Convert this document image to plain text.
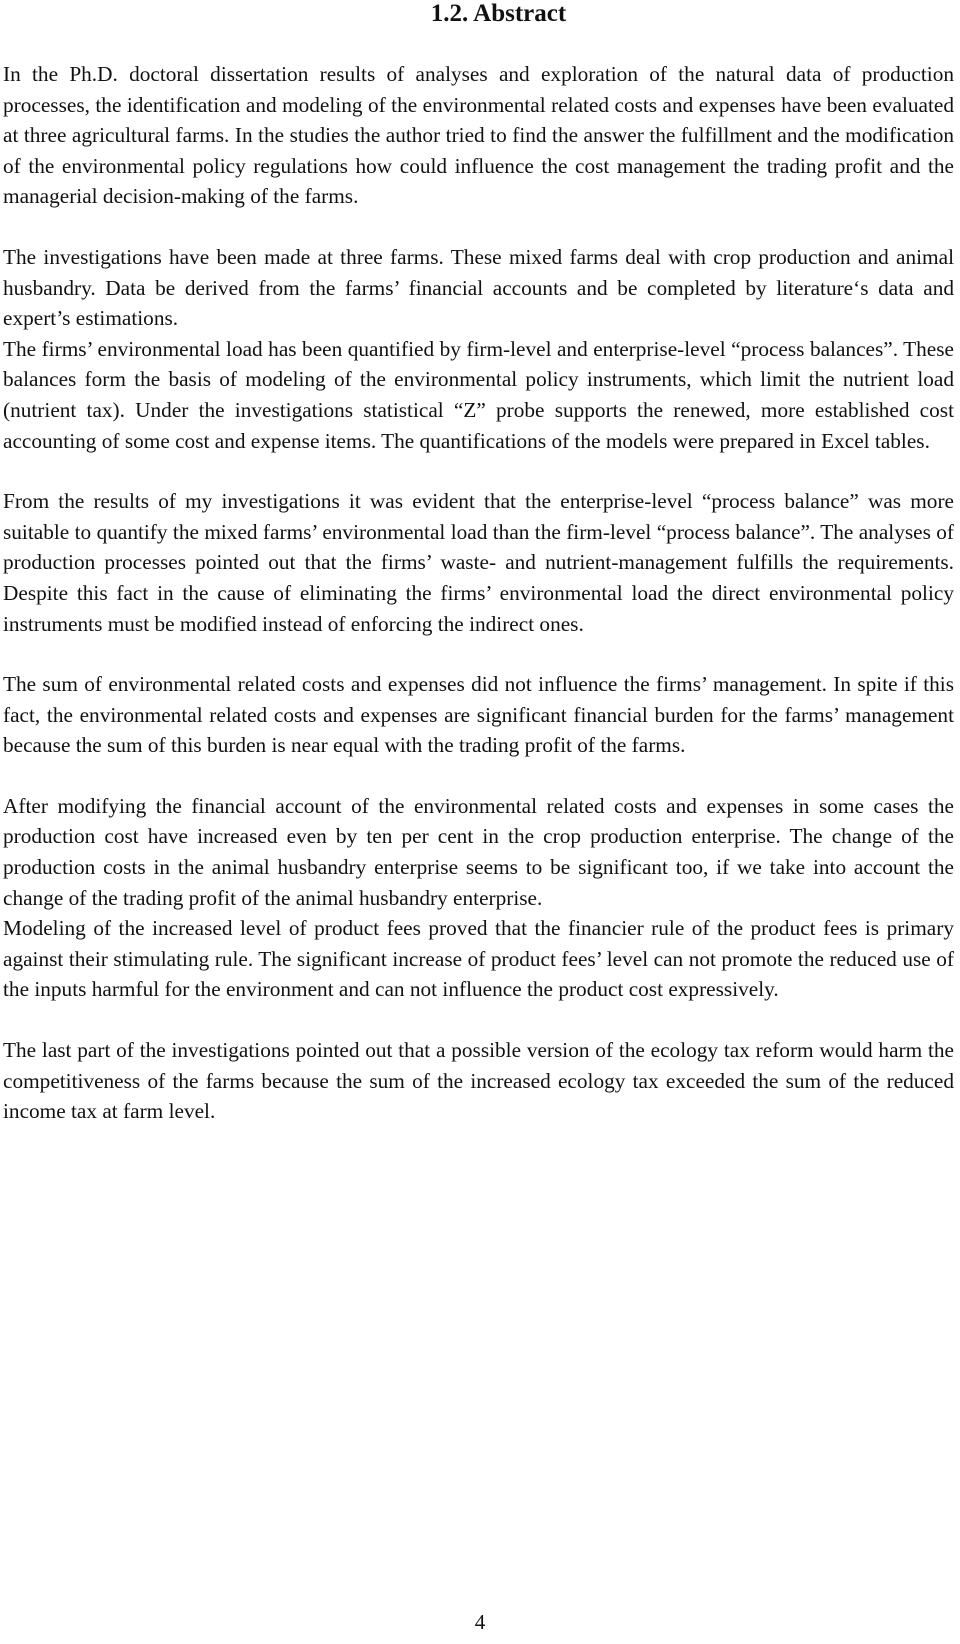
1.2. Abstract

In the Ph.D. doctoral dissertation results of analyses and exploration of the natural data of production processes, the identification and modeling of the environmental related costs and expenses have been evaluated at three agricultural farms. In the studies the author tried to find the answer the fulfillment and the modification of the environmental policy regulations how could influence the cost management the trading profit and the managerial decision-making of the farms.

The investigations have been made at three farms. These mixed farms deal with crop production and animal husbandry. Data be derived from the farms’ financial accounts and be completed by literature‘s data and expert’s estimations.

The firms’ environmental load has been quantified by firm-level and enterprise-level “process balances”. These balances form the basis of modeling of the environmental policy instruments, which limit the nutrient load (nutrient tax). Under the investigations statistical “Z” probe supports the renewed, more established cost accounting of some cost and expense items. The quantifications of the models were prepared in Excel tables.

From the results of my investigations it was evident that the enterprise-level “process balance” was more suitable to quantify the mixed farms’ environmental load than the firm-level “process balance”. The analyses of production processes pointed out that the firms’ waste- and nutrient-management fulfills the requirements. Despite this fact in the cause of eliminating the firms’ environmental load the direct environmental policy instruments must be modified instead of enforcing the indirect ones.

The sum of environmental related costs and expenses did not influence the firms’ management. In spite if this fact, the environmental related costs and expenses are significant financial burden for the farms’ management because the sum of this burden is near equal with the trading profit of the farms.

After modifying the financial account of the environmental related costs and expenses in some cases the production cost have increased even by ten per cent in the crop production enterprise. The change of the production costs in the animal husbandry enterprise seems to be significant too, if we take into account the change of the trading profit of the animal husbandry enterprise.

Modeling of the increased level of product fees proved that the financier rule of the product fees is primary against their stimulating rule. The significant increase of product fees’ level can not promote the reduced use of the inputs harmful for the environment and can not influence the product cost expressively.

The last part of the investigations pointed out that a possible version of the ecology tax reform would harm the competitiveness of the farms because the sum of the increased ecology tax exceeded the sum of the reduced income tax at farm level.

4
